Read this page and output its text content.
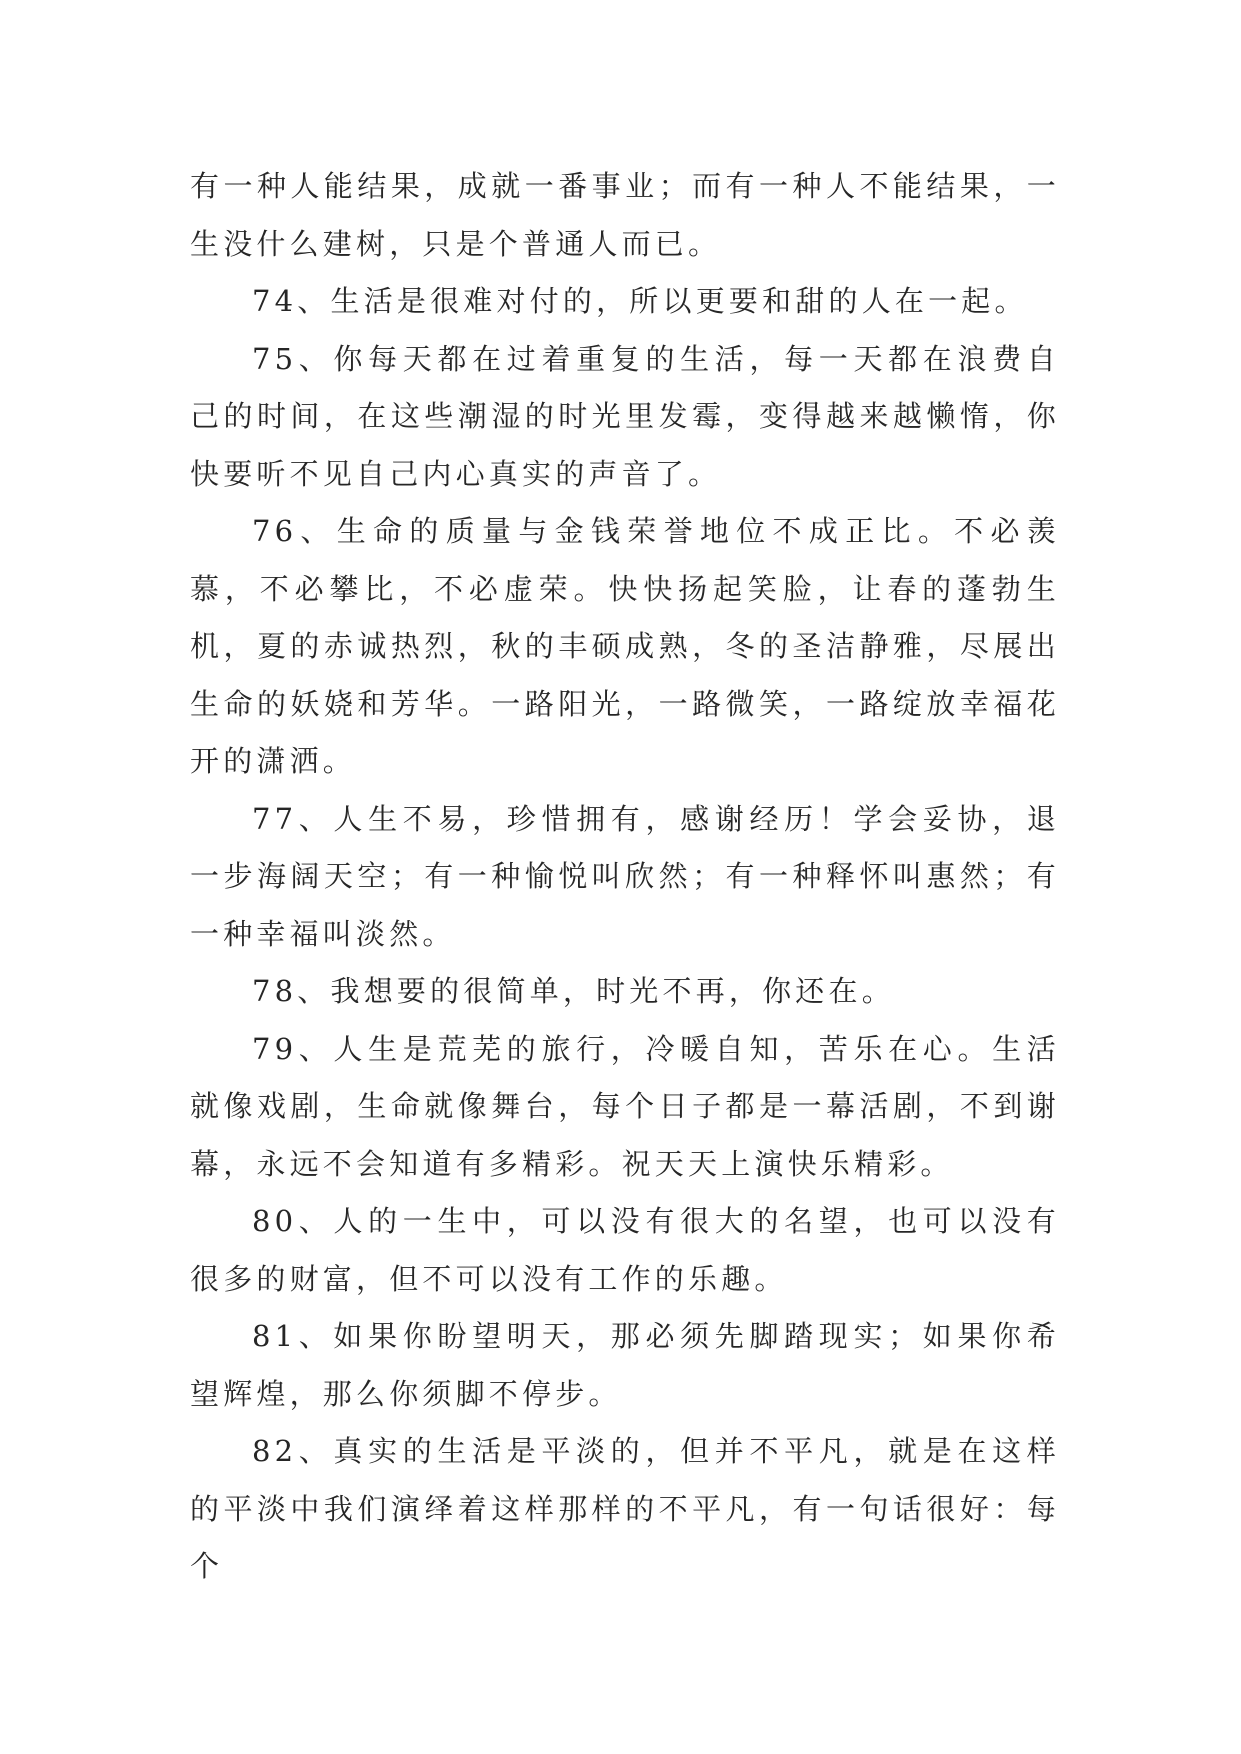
有一种人能结果，成就一番事业；而有一种人不能结果，一生没什么建树，只是个普通人而已。

74、生活是很难对付的，所以更要和甜的人在一起。

75、你每天都在过着重复的生活，每一天都在浪费自己的时间，在这些潮湿的时光里发霉，变得越来越懒惰，你快要听不见自己内心真实的声音了。

76、生命的质量与金钱荣誉地位不成正比。不必羡慕，不必攀比，不必虚荣。快快扬起笑脸，让春的蓬勃生机，夏的赤诚热烈，秋的丰硕成熟，冬的圣洁静雅，尽展出生命的妖娆和芳华。一路阳光，一路微笑，一路绽放幸福花开的潇洒。

77、人生不易，珍惜拥有，感谢经历！学会妥协，退一步海阔天空；有一种愉悦叫欣然；有一种释怀叫惠然；有一种幸福叫淡然。

78、我想要的很简单，时光不再，你还在。

79、人生是荒芜的旅行，冷暖自知，苦乐在心。生活就像戏剧，生命就像舞台，每个日子都是一幕活剧，不到谢幕，永远不会知道有多精彩。祝天天上演快乐精彩。

80、人的一生中，可以没有很大的名望，也可以没有很多的财富，但不可以没有工作的乐趣。

81、如果你盼望明天，那必须先脚踏现实；如果你希望辉煌，那么你须脚不停步。

82、真实的生活是平淡的，但并不平凡，就是在这样的平淡中我们演绎着这样那样的不平凡，有一句话很好：每个
